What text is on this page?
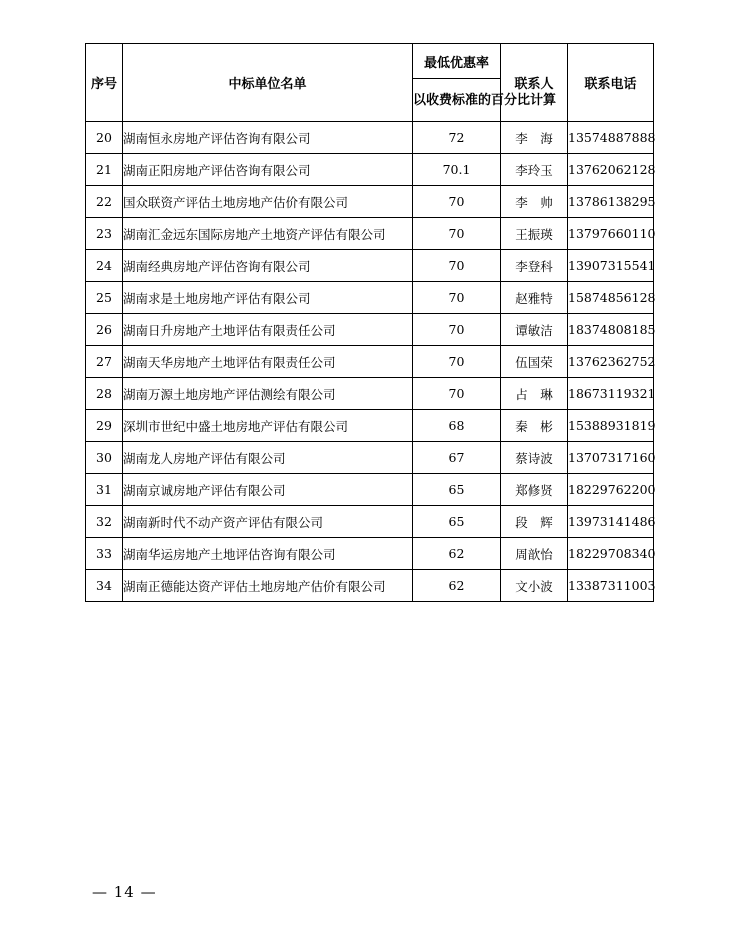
序号	中标单位名单	最低优惠率	联系人	联系电话
		以收费标准的百分比计算		
20	湖南恒永房地产评估咨询有限公司	72	李　海	13574887888
21	湖南正阳房地产评估咨询有限公司	70.1	李玲玉	13762062128
22	国众联资产评估土地房地产估价有限公司	70	李　帅	13786138295
23	湖南汇金远东国际房地产土地资产评估有限公司	70	王振瑛	13797660110
24	湖南经典房地产评估咨询有限公司	70	李登科	13907315541
25	湖南求是土地房地产评估有限公司	70	赵雅特	15874856128
26	湖南日升房地产土地评估有限责任公司	70	谭敏洁	18374808185
27	湖南天华房地产土地评估有限责任公司	70	伍国荣	13762362752
28	湖南万源土地房地产评估测绘有限公司	70	占　琳	18673119321
29	深圳市世纪中盛土地房地产评估有限公司	68	秦　彬	15388931819
30	湖南龙人房地产评估有限公司	67	蔡诗波	13707317160
31	湖南京诚房地产评估有限公司	65	郑修贤	18229762200
32	湖南新时代不动产资产评估有限公司	65	段　辉	13973141486
33	湖南华运房地产土地评估咨询有限公司	62	周歆怡	18229708340
34	湖南正德能达资产评估土地房地产估价有限公司	62	文小波	13387311003
— 14 —
